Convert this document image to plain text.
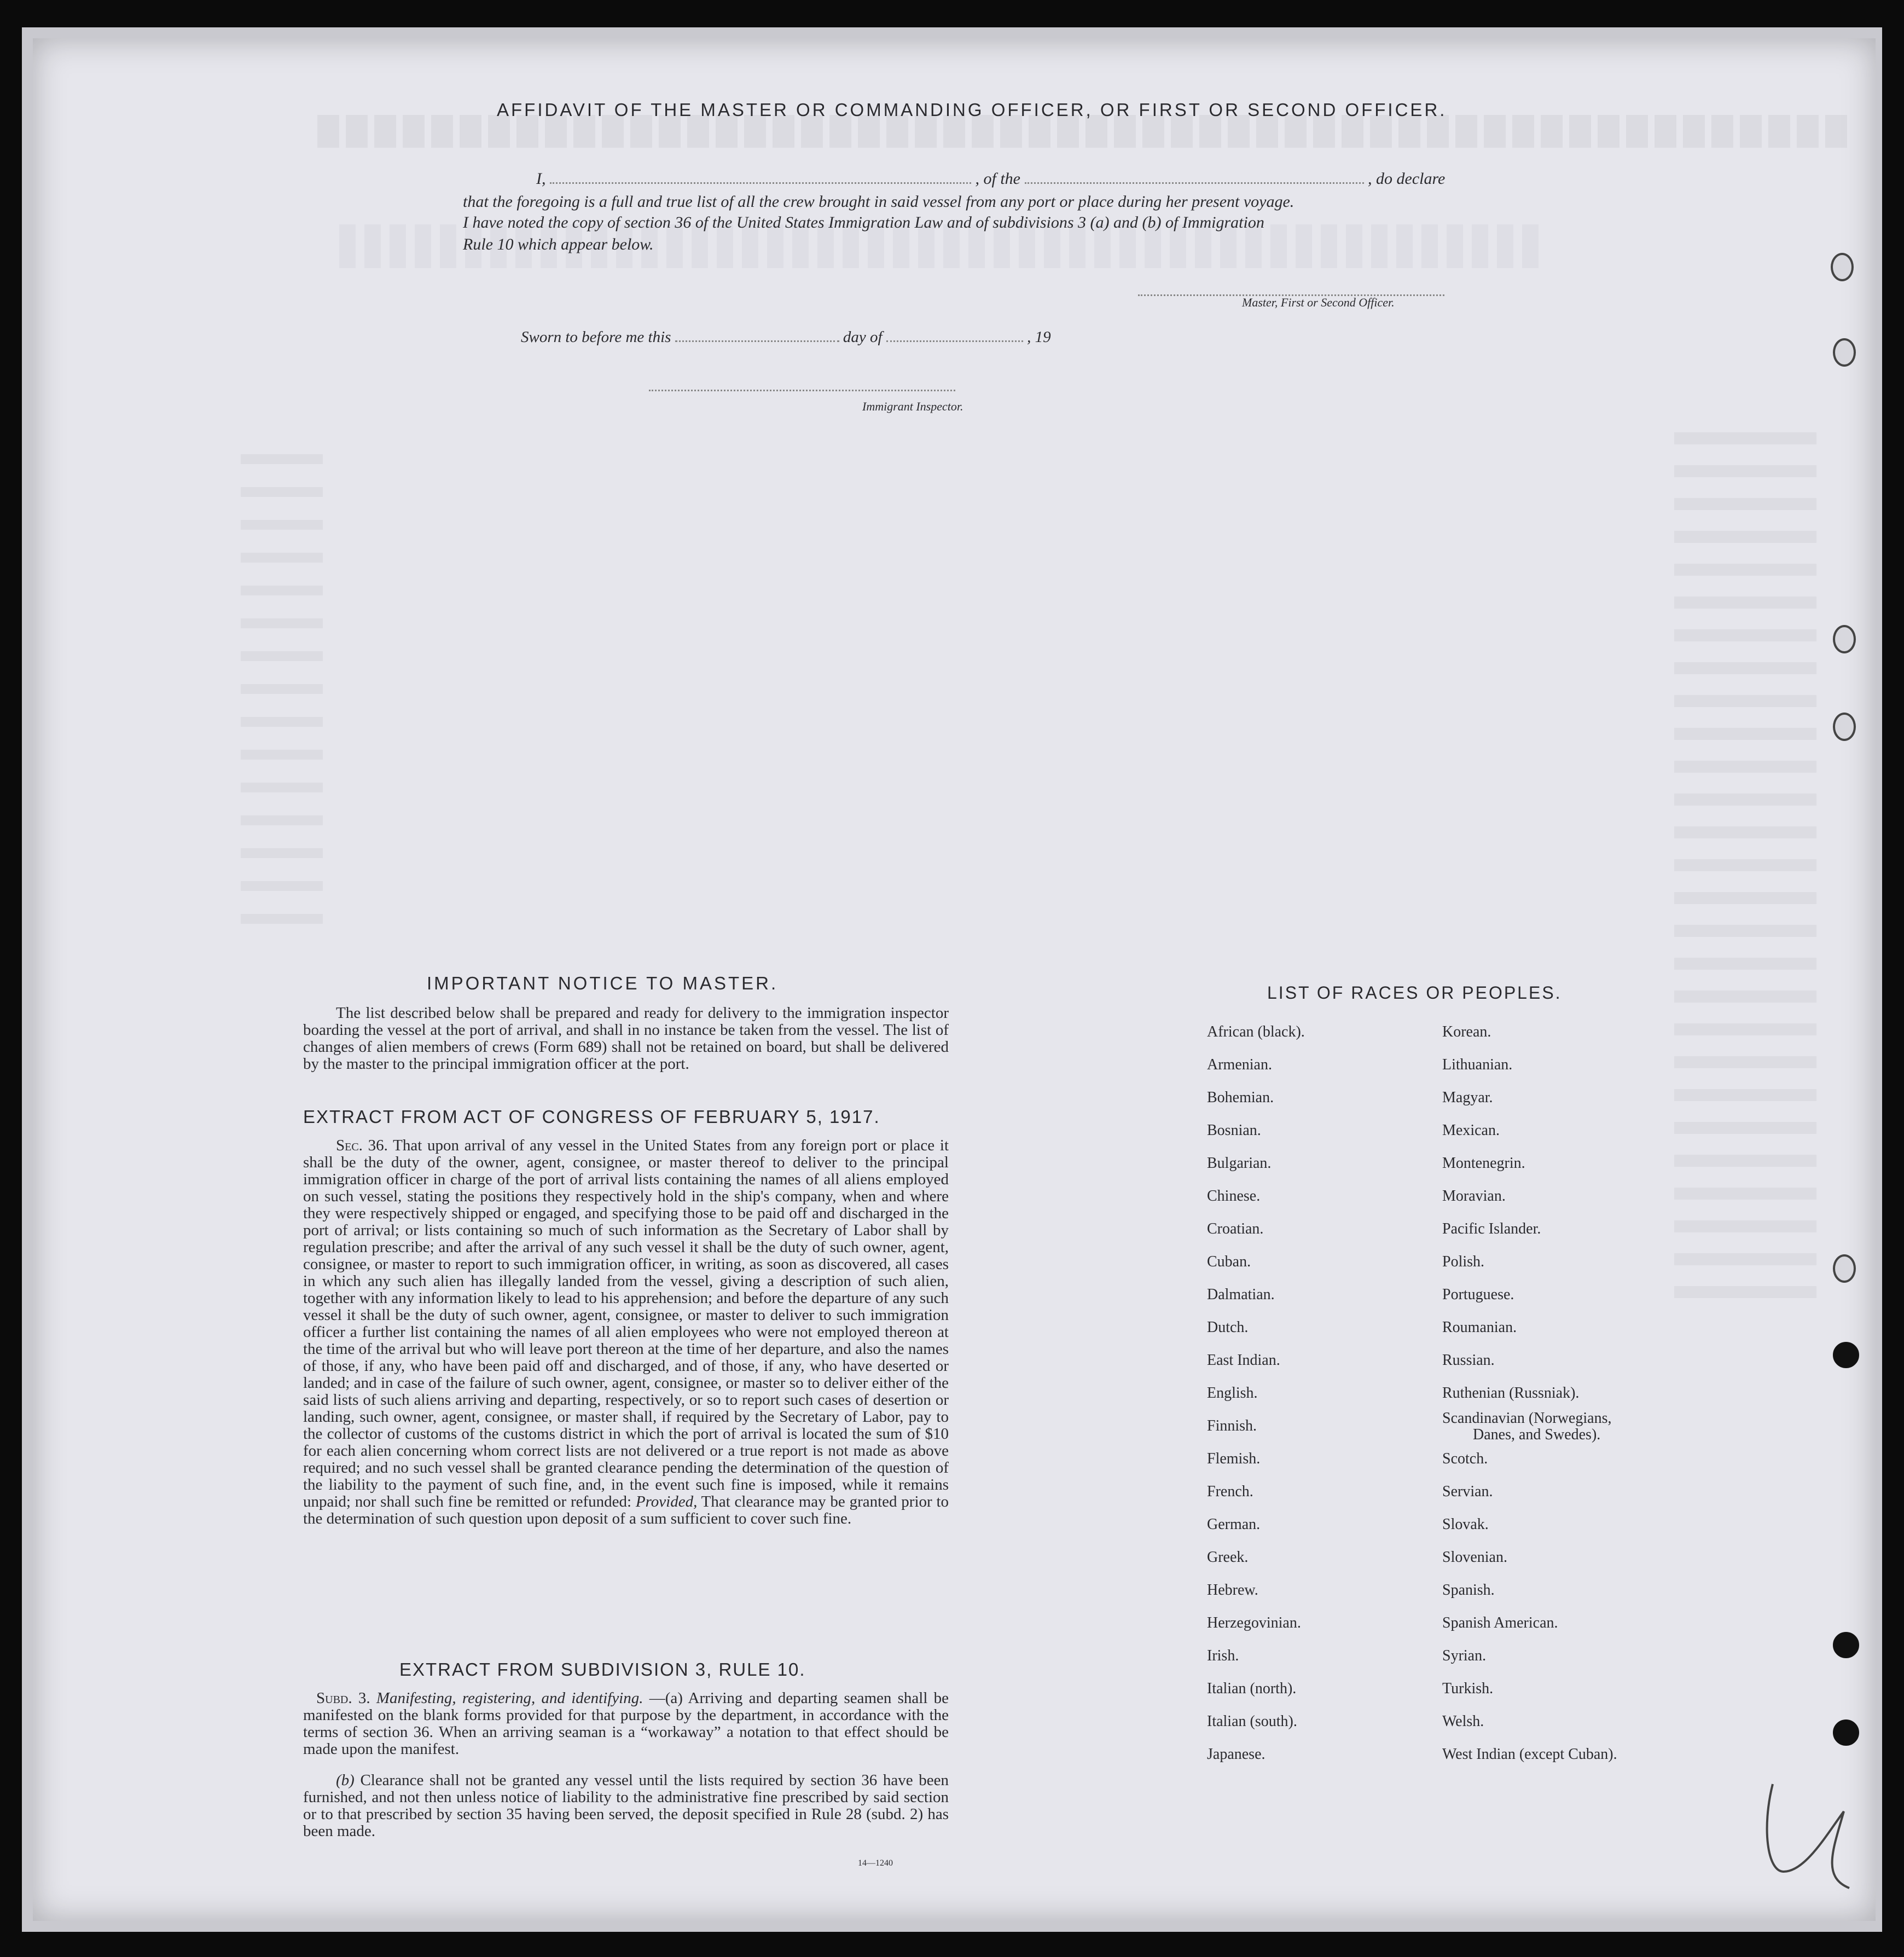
AFFIDAVIT OF THE MASTER OR COMMANDING OFFICER, OR FIRST OR SECOND OFFICER.
I,	, of the	, do declare
that the foregoing is a full and true list of all the crew brought in said vessel from any port or place during her present voyage.
I have noted the copy of section 36 of the United States Immigration Law and of subdivisions 3 (a) and (b) of Immigration
Rule 10 which appear below.
Master, First or Second Officer.
Sworn to before me this	day of	, 19
Immigrant Inspector.
IMPORTANT NOTICE TO MASTER.
The list described below shall be prepared and ready for delivery to the immigration inspector boarding the vessel at the port of arrival, and shall in no instance be taken from the vessel. The list of changes of alien members of crews (Form 689) shall not be retained on board, but shall be delivered by the master to the principal immigration officer at the port.
EXTRACT FROM ACT OF CONGRESS OF FEBRUARY 5, 1917.
Sec. 36. That upon arrival of any vessel in the United States from any foreign port or place it shall be the duty of the owner, agent, consignee, or master thereof to deliver to the principal immigration officer in charge of the port of arrival lists containing the names of all aliens employed on such vessel, stating the positions they respectively hold in the ship's company, when and where they were respectively shipped or engaged, and specifying those to be paid off and discharged in the port of arrival; or lists containing so much of such information as the Secretary of Labor shall by regulation prescribe; and after the arrival of any such vessel it shall be the duty of such owner, agent, consignee, or master to report to such immigration officer, in writing, as soon as discovered, all cases in which any such alien has illegally landed from the vessel, giving a description of such alien, together with any information likely to lead to his apprehension; and before the departure of any such vessel it shall be the duty of such owner, agent, consignee, or master to deliver to such immigration officer a further list containing the names of all alien employees who were not employed thereon at the time of the arrival but who will leave port thereon at the time of her departure, and also the names of those, if any, who have been paid off and discharged, and of those, if any, who have deserted or landed; and in case of the failure of such owner, agent, consignee, or master so to deliver either of the said lists of such aliens arriving and departing, respectively, or so to report such cases of desertion or landing, such owner, agent, consignee, or master shall, if required by the Secretary of Labor, pay to the collector of customs of the customs district in which the port of arrival is located the sum of $10 for each alien concerning whom correct lists are not delivered or a true report is not made as above required; and no such vessel shall be granted clearance pending the determination of the question of the liability to the payment of such fine, and, in the event such fine is imposed, while it remains unpaid; nor shall such fine be remitted or refunded: Provided, That clearance may be granted prior to the determination of such question upon deposit of a sum sufficient to cover such fine.
EXTRACT FROM SUBDIVISION 3, RULE 10.
Subd. 3. Manifesting, registering, and identifying. —(a) Arriving and departing seamen shall be manifested on the blank forms provided for that purpose by the department, in accordance with the terms of section 36. When an arriving seaman is a “workaway” a notation to that effect should be made upon the manifest.
(b) Clearance shall not be granted any vessel until the lists required by section 36 have been furnished, and not then unless notice of liability to the administrative fine prescribed by said section or to that prescribed by section 35 having been served, the deposit specified in Rule 28 (subd. 2) has been made.
14—1240
LIST OF RACES OR PEOPLES.
African (black).
Armenian.
Bohemian.
Bosnian.
Bulgarian.
Chinese.
Croatian.
Cuban.
Dalmatian.
Dutch.
East Indian.
English.
Finnish.
Flemish.
French.
German.
Greek.
Hebrew.
Herzegovinian.
Irish.
Italian (north).
Italian (south).
Japanese.
Korean.
Lithuanian.
Magyar.
Mexican.
Montenegrin.
Moravian.
Pacific Islander.
Polish.
Portuguese.
Roumanian.
Russian.
Ruthenian (Russniak).
Scandinavian (Norwegians,
Danes, and Swedes).
Scotch.
Servian.
Slovak.
Slovenian.
Spanish.
Spanish American.
Syrian.
Turkish.
Welsh.
West Indian (except Cuban).
